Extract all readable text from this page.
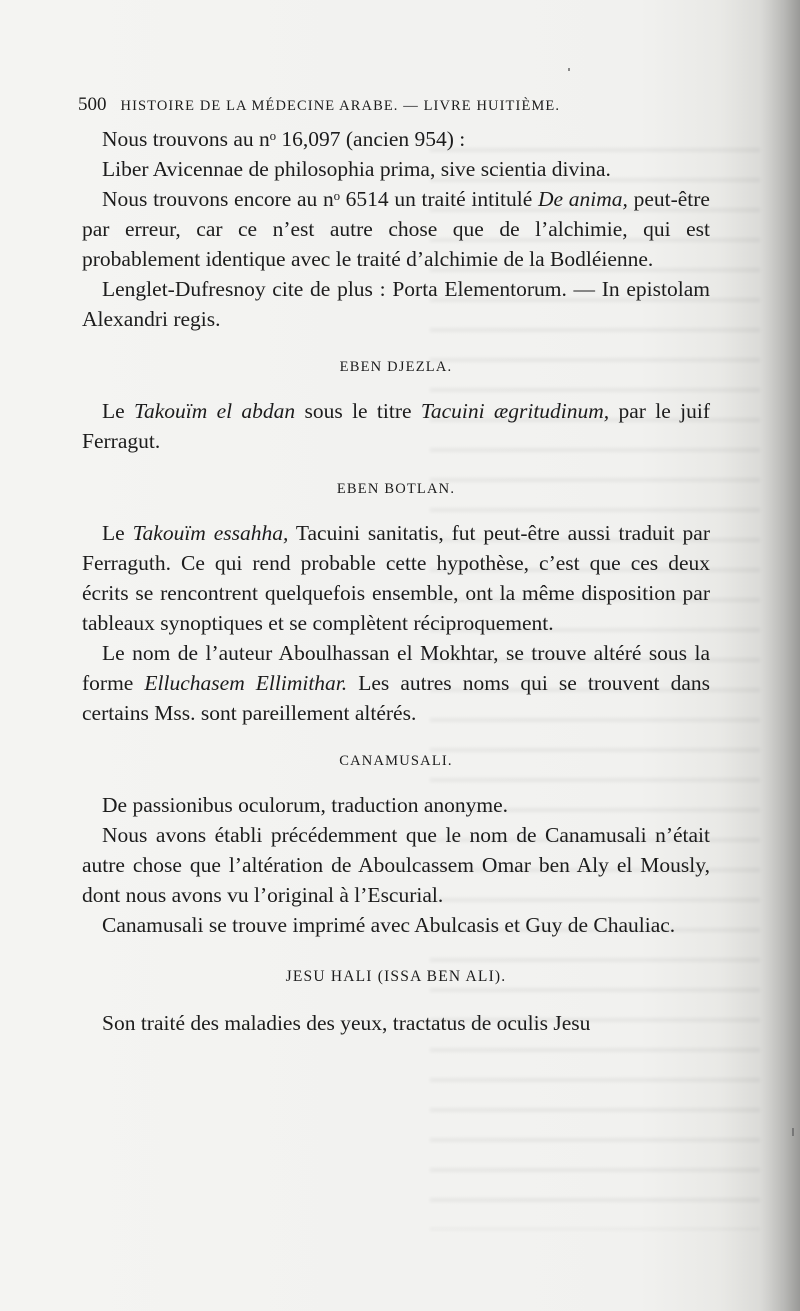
500 HISTOIRE DE LA MÉDECINE ARABE. — LIVRE HUITIÈME.

Nous trouvons au nᵒ 16,097 (ancien 954) :

Liber Avicennae de philosophia prima, sive scientia divina.

Nous trouvons encore au nᵒ 6514 un traité intitulé De anima, peut-être par erreur, car ce n’est autre chose que de l’alchimie, qui est probablement identique avec le traité d’alchimie de la Bodléienne.

Lenglet-Dufresnoy cite de plus : Porta Elementorum. — In epistolam Alexandri regis.

EBEN DJEZLA.

Le Takouïm el abdan sous le titre Tacuini ægritudinum, par le juif Ferragut.

EBEN BOTLAN.

Le Takouïm essahha, Tacuini sanitatis, fut peut-être aussi traduit par Ferraguth. Ce qui rend probable cette hypothèse, c’est que ces deux écrits se rencontrent quelquefois ensemble, ont la même disposition par tableaux synoptiques et se complètent réciproquement.

Le nom de l’auteur Aboulhassan el Mokhtar, se trouve altéré sous la forme Elluchasem Ellimithar. Les autres noms qui se trouvent dans certains Mss. sont pareillement altérés.

CANAMUSALI.

De passionibus oculorum, traduction anonyme.

Nous avons établi précédemment que le nom de Canamusali n’était autre chose que l’altération de Aboulcassem Omar ben Aly el Mously, dont nous avons vu l’original à l’Escurial.

Canamusali se trouve imprimé avec Abulcasis et Guy de Chauliac.

JESU HALI (ISSA BEN ALI).

Son traité des maladies des yeux, tractatus de oculis Jesu
